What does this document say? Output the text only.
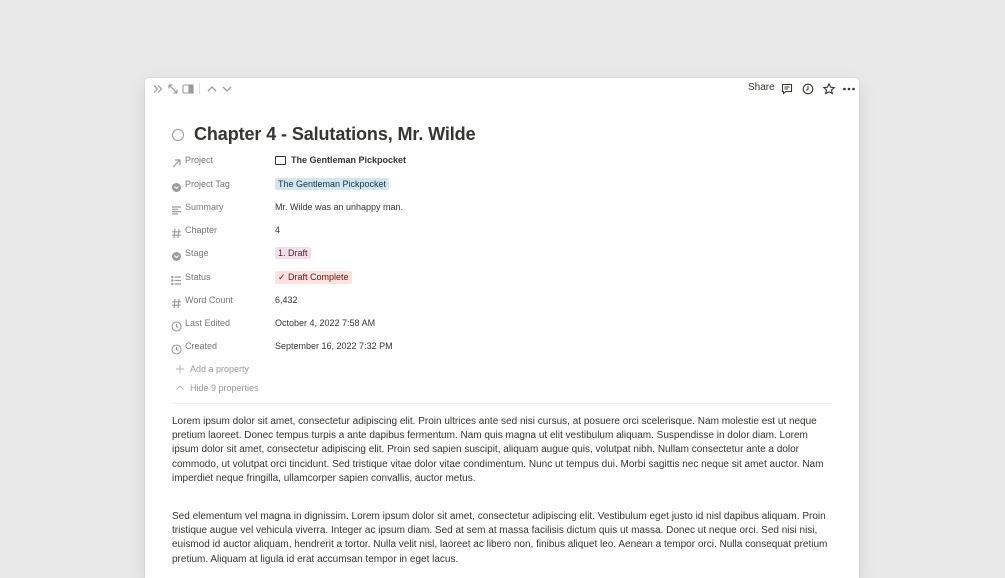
Share
Chapter 4 - Salutations, Mr. Wilde
Project	The Gentleman Pickpocket
Project Tag	The Gentleman Pickpocket
Summary	Mr. Wilde was an unhappy man.
Chapter	4
Stage	1. Draft
Status	✓ Draft Complete
Word Count	6,432
Last Edited	October 4, 2022 7:58 AM
Created	September 16, 2022 7:32 PM
Add a property
Hide 9 properties
Lorem ipsum dolor sit amet, consectetur adipiscing elit. Proin ultrices ante sed nisi cursus, at posuere orci scelerisque. Nam molestie est ut neque pretium laoreet. Donec tempus turpis a ante dapibus fermentum. Nam quis magna ut elit vestibulum aliquam. Suspendisse in dolor diam. Lorem ipsum dolor sit amet, consectetur adipiscing elit. Proin sed sapien suscipit, aliquam augue quis, volutpat nibh. Nullam consectetur ante a dolor commodo, ut volutpat orci tincidunt. Sed tristique vitae dolor vitae condimentum. Nunc ut tempus dui. Morbi sagittis nec neque sit amet auctor. Nam imperdiet neque fringilla, ullamcorper sapien convallis, auctor metus.
Sed elementum vel magna in dignissim. Lorem ipsum dolor sit amet, consectetur adipiscing elit. Vestibulum eget justo id nisl dapibus aliquam. Proin tristique augue vel vehicula viverra. Integer ac ipsum diam. Sed at sem at massa facilisis dictum quis ut massa. Donec ut neque orci. Sed nisi nisi, euismod id auctor aliquam, hendrerit a tortor. Nulla velit nisl, laoreet ac libero non, finibus aliquet leo. Aenean a tempor orci. Nulla consequat pretium pretium. Aliquam at ligula id erat accumsan tempor in eget lacus.
